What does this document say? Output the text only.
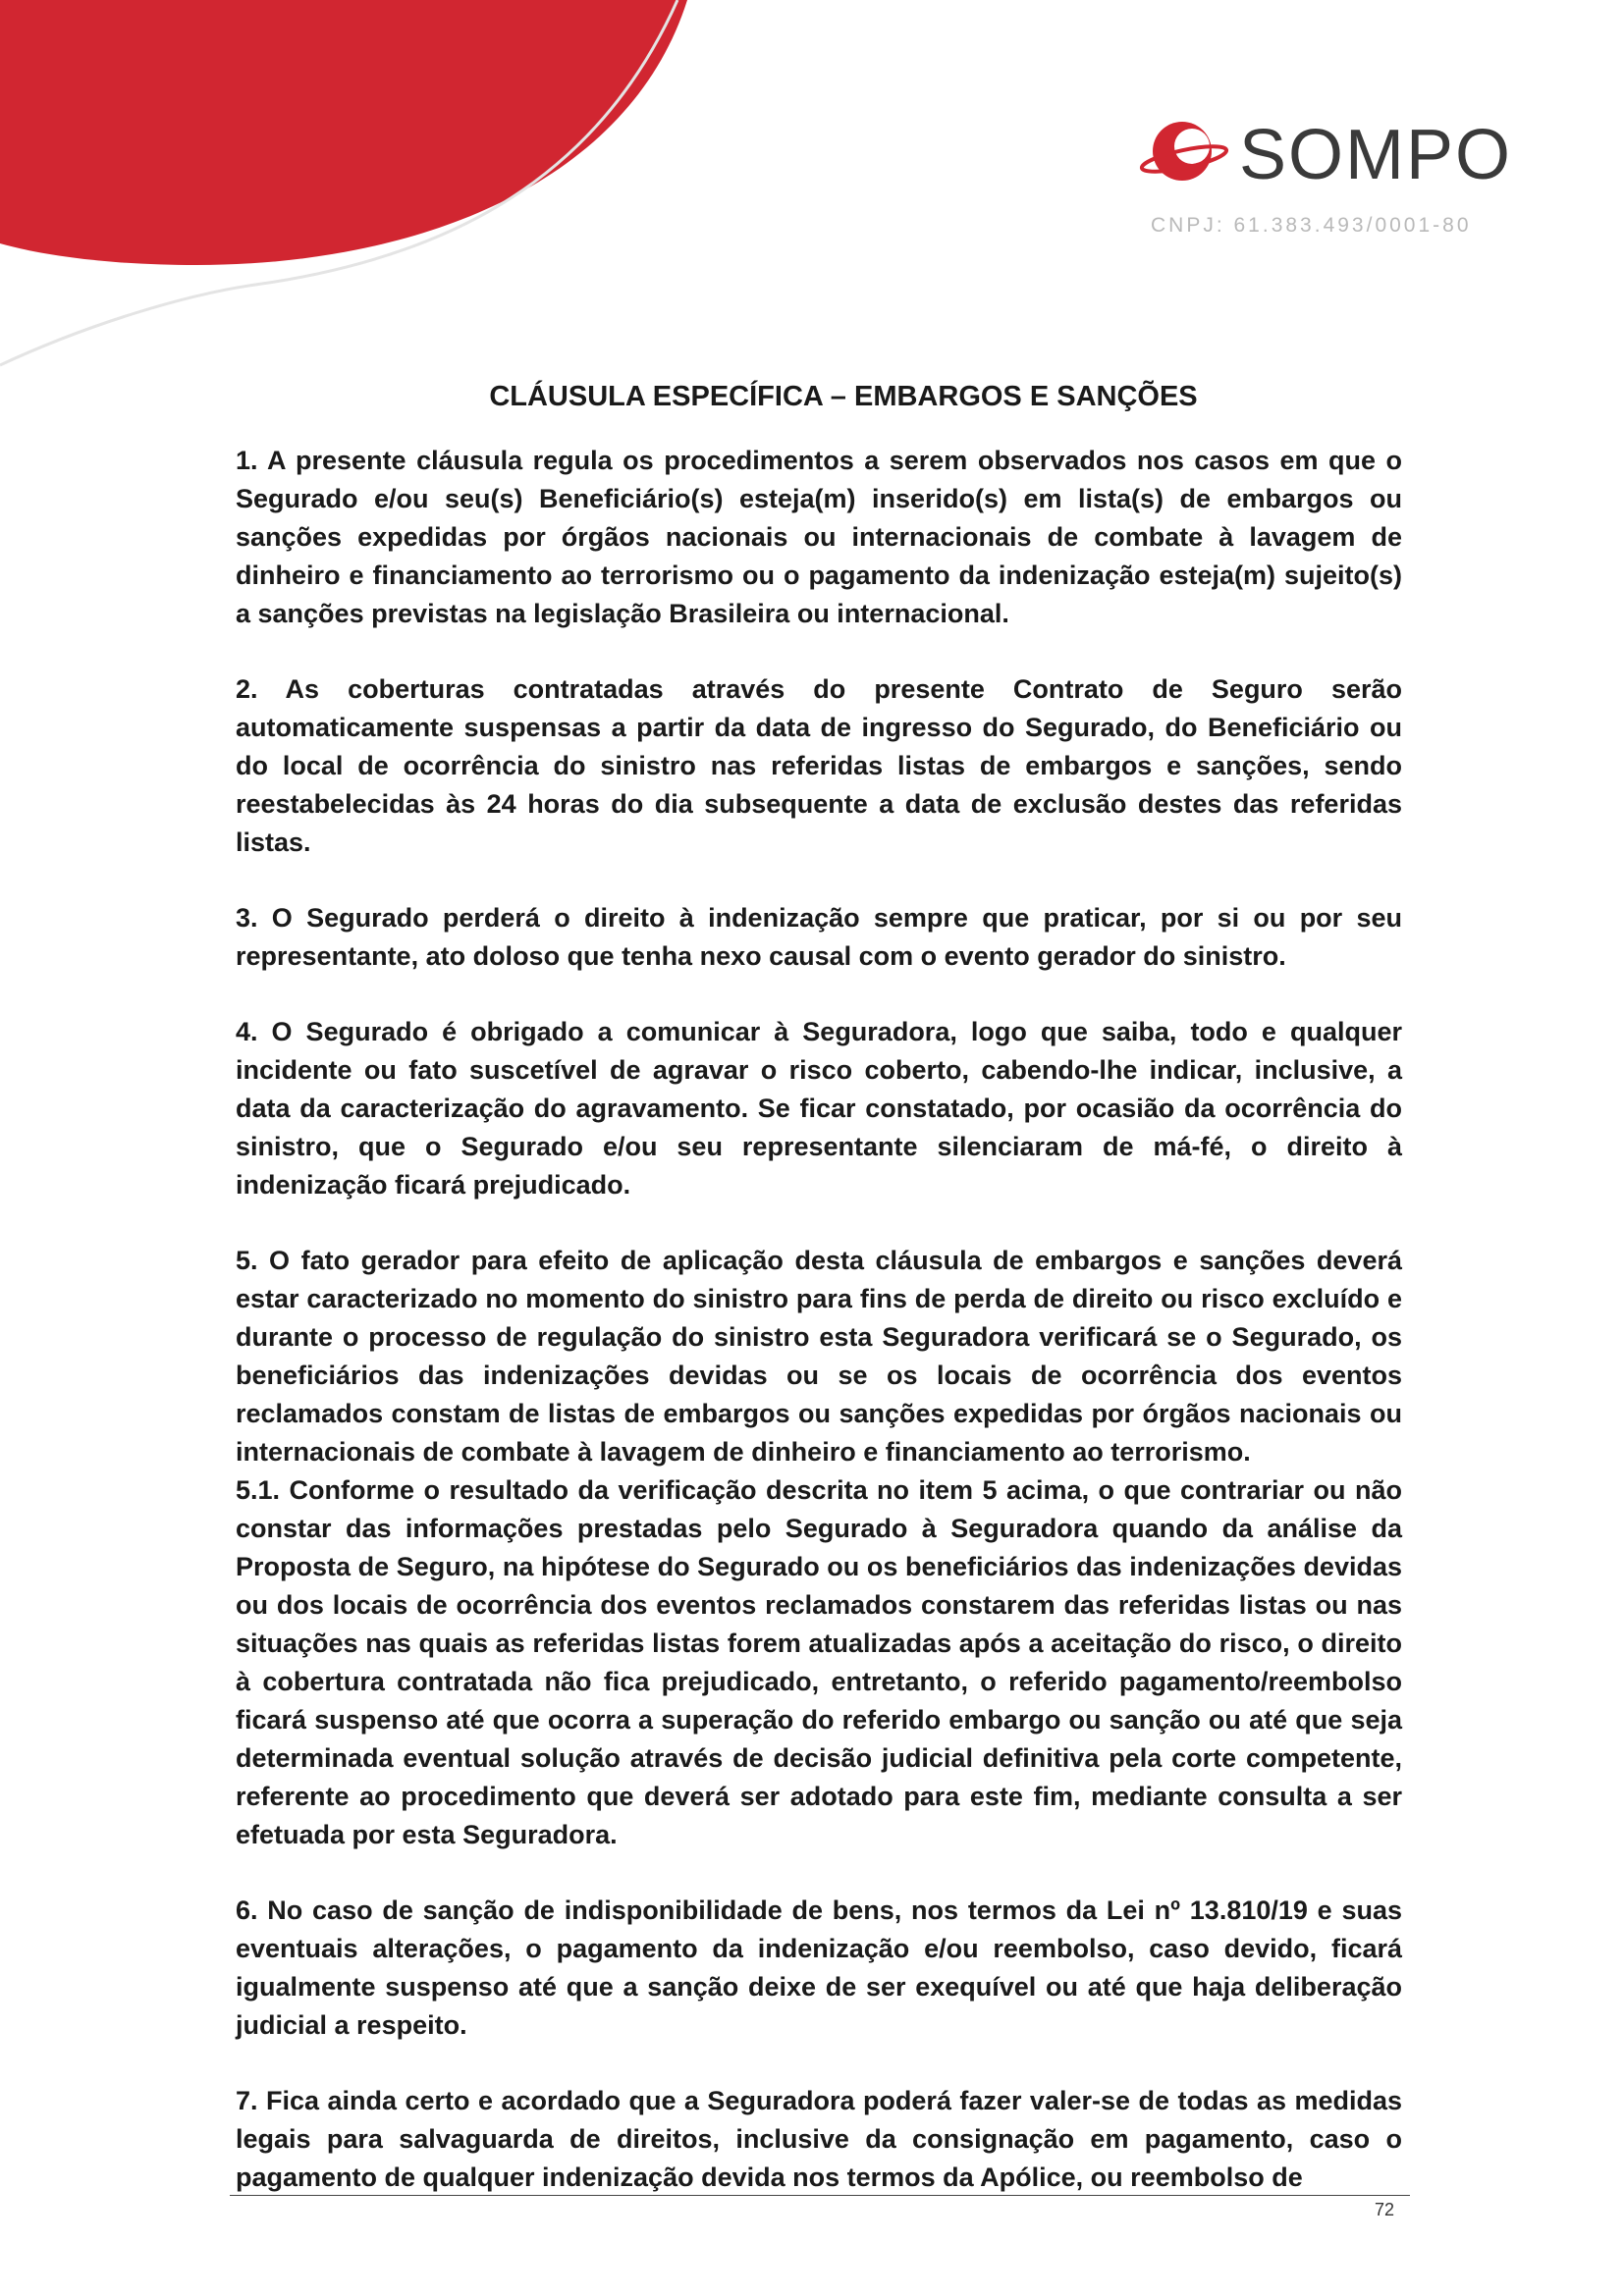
SOMPO
CNPJ: 61.383.493/0001-80
CLÁUSULA ESPECÍFICA – EMBARGOS E SANÇÕES

1. A presente cláusula regula os procedimentos a serem observados nos casos em que o Segurado e/ou seu(s) Beneficiário(s) esteja(m) inserido(s) em lista(s) de embargos ou sanções expedidas por órgãos nacionais ou internacionais de combate à lavagem de dinheiro e financiamento ao terrorismo ou o pagamento da indenização esteja(m) sujeito(s) a sanções previstas na legislação Brasileira ou internacional.

2. As coberturas contratadas através do presente Contrato de Seguro serão automaticamente suspensas a partir da data de ingresso do Segurado, do Beneficiário ou do local de ocorrência do sinistro nas referidas listas de embargos e sanções, sendo reestabelecidas às 24 horas do dia subsequente a data de exclusão destes das referidas listas.

3. O Segurado perderá o direito à indenização sempre que praticar, por si ou por seu representante, ato doloso que tenha nexo causal com o evento gerador do sinistro.

4. O Segurado é obrigado a comunicar à Seguradora, logo que saiba, todo e qualquer incidente ou fato suscetível de agravar o risco coberto, cabendo-lhe indicar, inclusive, a data da caracterização do agravamento. Se ficar constatado, por ocasião da ocorrência do sinistro, que o Segurado e/ou seu representante silenciaram de má-fé, o direito à indenização ficará prejudicado.

5. O fato gerador para efeito de aplicação desta cláusula de embargos e sanções deverá estar caracterizado no momento do sinistro para fins de perda de direito ou risco excluído e durante o processo de regulação do sinistro esta Seguradora verificará se o Segurado, os beneficiários das indenizações devidas ou se os locais de ocorrência dos eventos reclamados constam de listas de embargos ou sanções expedidas por órgãos nacionais ou internacionais de combate à lavagem de dinheiro e financiamento ao terrorismo.

5.1. Conforme o resultado da verificação descrita no item 5 acima, o que contrariar ou não constar das informações prestadas pelo Segurado à Seguradora quando da análise da Proposta de Seguro, na hipótese do Segurado ou os beneficiários das indenizações devidas ou dos locais de ocorrência dos eventos reclamados constarem das referidas listas ou nas situações nas quais as referidas listas forem atualizadas após a aceitação do risco, o direito à cobertura contratada não fica prejudicado, entretanto, o referido pagamento/reembolso ficará suspenso até que ocorra a superação do referido embargo ou sanção ou até que seja determinada eventual solução através de decisão judicial definitiva pela corte competente, referente ao procedimento que deverá ser adotado para este fim, mediante consulta a ser efetuada por esta Seguradora.

6. No caso de sanção de indisponibilidade de bens, nos termos da Lei nº 13.810/19 e suas eventuais alterações, o pagamento da indenização e/ou reembolso, caso devido, ficará igualmente suspenso até que a sanção deixe de ser exequível ou até que haja deliberação judicial a respeito.

7. Fica ainda certo e acordado que a Seguradora poderá fazer valer-se de todas as medidas legais para salvaguarda de direitos, inclusive da consignação em pagamento, caso o pagamento de qualquer indenização devida nos termos da Apólice, ou reembolso de

72
